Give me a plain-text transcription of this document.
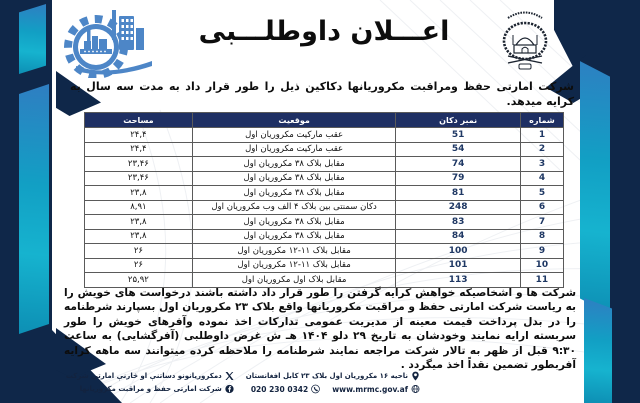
اعـــلان داوطلـــبی
شرکت امارتی حفظ ومراقبت مکروریانها دکاکین ذیل را طور قرار داد به مدت سه سال به کرایه میدهد.
شماره	نمبر دکان	موقعیت	مساحت
1	51	عقب مارکیت مکروریان اول	۲۴,۴
2	54	عقب مارکیت مکروریان اول	۲۴,۴
3	74	مقابل بلاک ۳۸ مکروریان اول	۲۳,۴۶
4	79	مقابل بلاک ۳۸ مکروریان اول	۲۳,۴۶
5	81	مقابل بلاک ۳۸ مکروریان اول	۲۳,۸
6	248	دکان سمنتی بین بلاک ۴ الف وب مکروریان اول	۸,۹۱
7	83	مقابل بلاک ۳۸ مکروریان اول	۲۳,۸
8	84	مقابل بلاک ۳۸ مکروریان اول	۲۳,۸
9	100	مقابل بلاک ۱۱-۱۲ مکروریان اول	۲۶
10	101	مقابل بلاک ۱۱-۱۲ مکروریان اول	۲۶
11	113	مقابل بلاک اول مکروریان اول	۲۵,۹۲
شرکت ها و اشخاصیکه خواهش کرایه گرفتن را طور قرار داد داشته باشند درخواست های خویش را به ریاست شرکت امارتی حفظ و مراقبت مکروریانها واقع بلاک ۲۳ مکروریان اول بسپارند شرطنامه را در بدل پرداخت قیمت معینه از مدیریت عمومی تدارکات اخذ نموده وآفرهای خویش را طور سربسته ارایه نمایند وخودشان به تاریخ ۲۹ دلو ۱۴۰۴ هـ ش غرض داوطلبی (آفرگشایی) به ساعت ۹:۳۰ قبل از ظهر به تالار شرکت مراجعه نمایند شرطنامه را ملاحظه کرده میتوانند سه ماهه کرایه آفربطور تضمین نقداً اخذ میگردد .
ناحیه ۱۶ مکروریان اول بلاک ۲۳ کابل افغانستان
www.mrmc.gov.af
020 230 0342
دمکروریانونو دساتنې او څارنې امارتي شرکت
شرکت امارتی حفظ و مراقبت مکروریانها
